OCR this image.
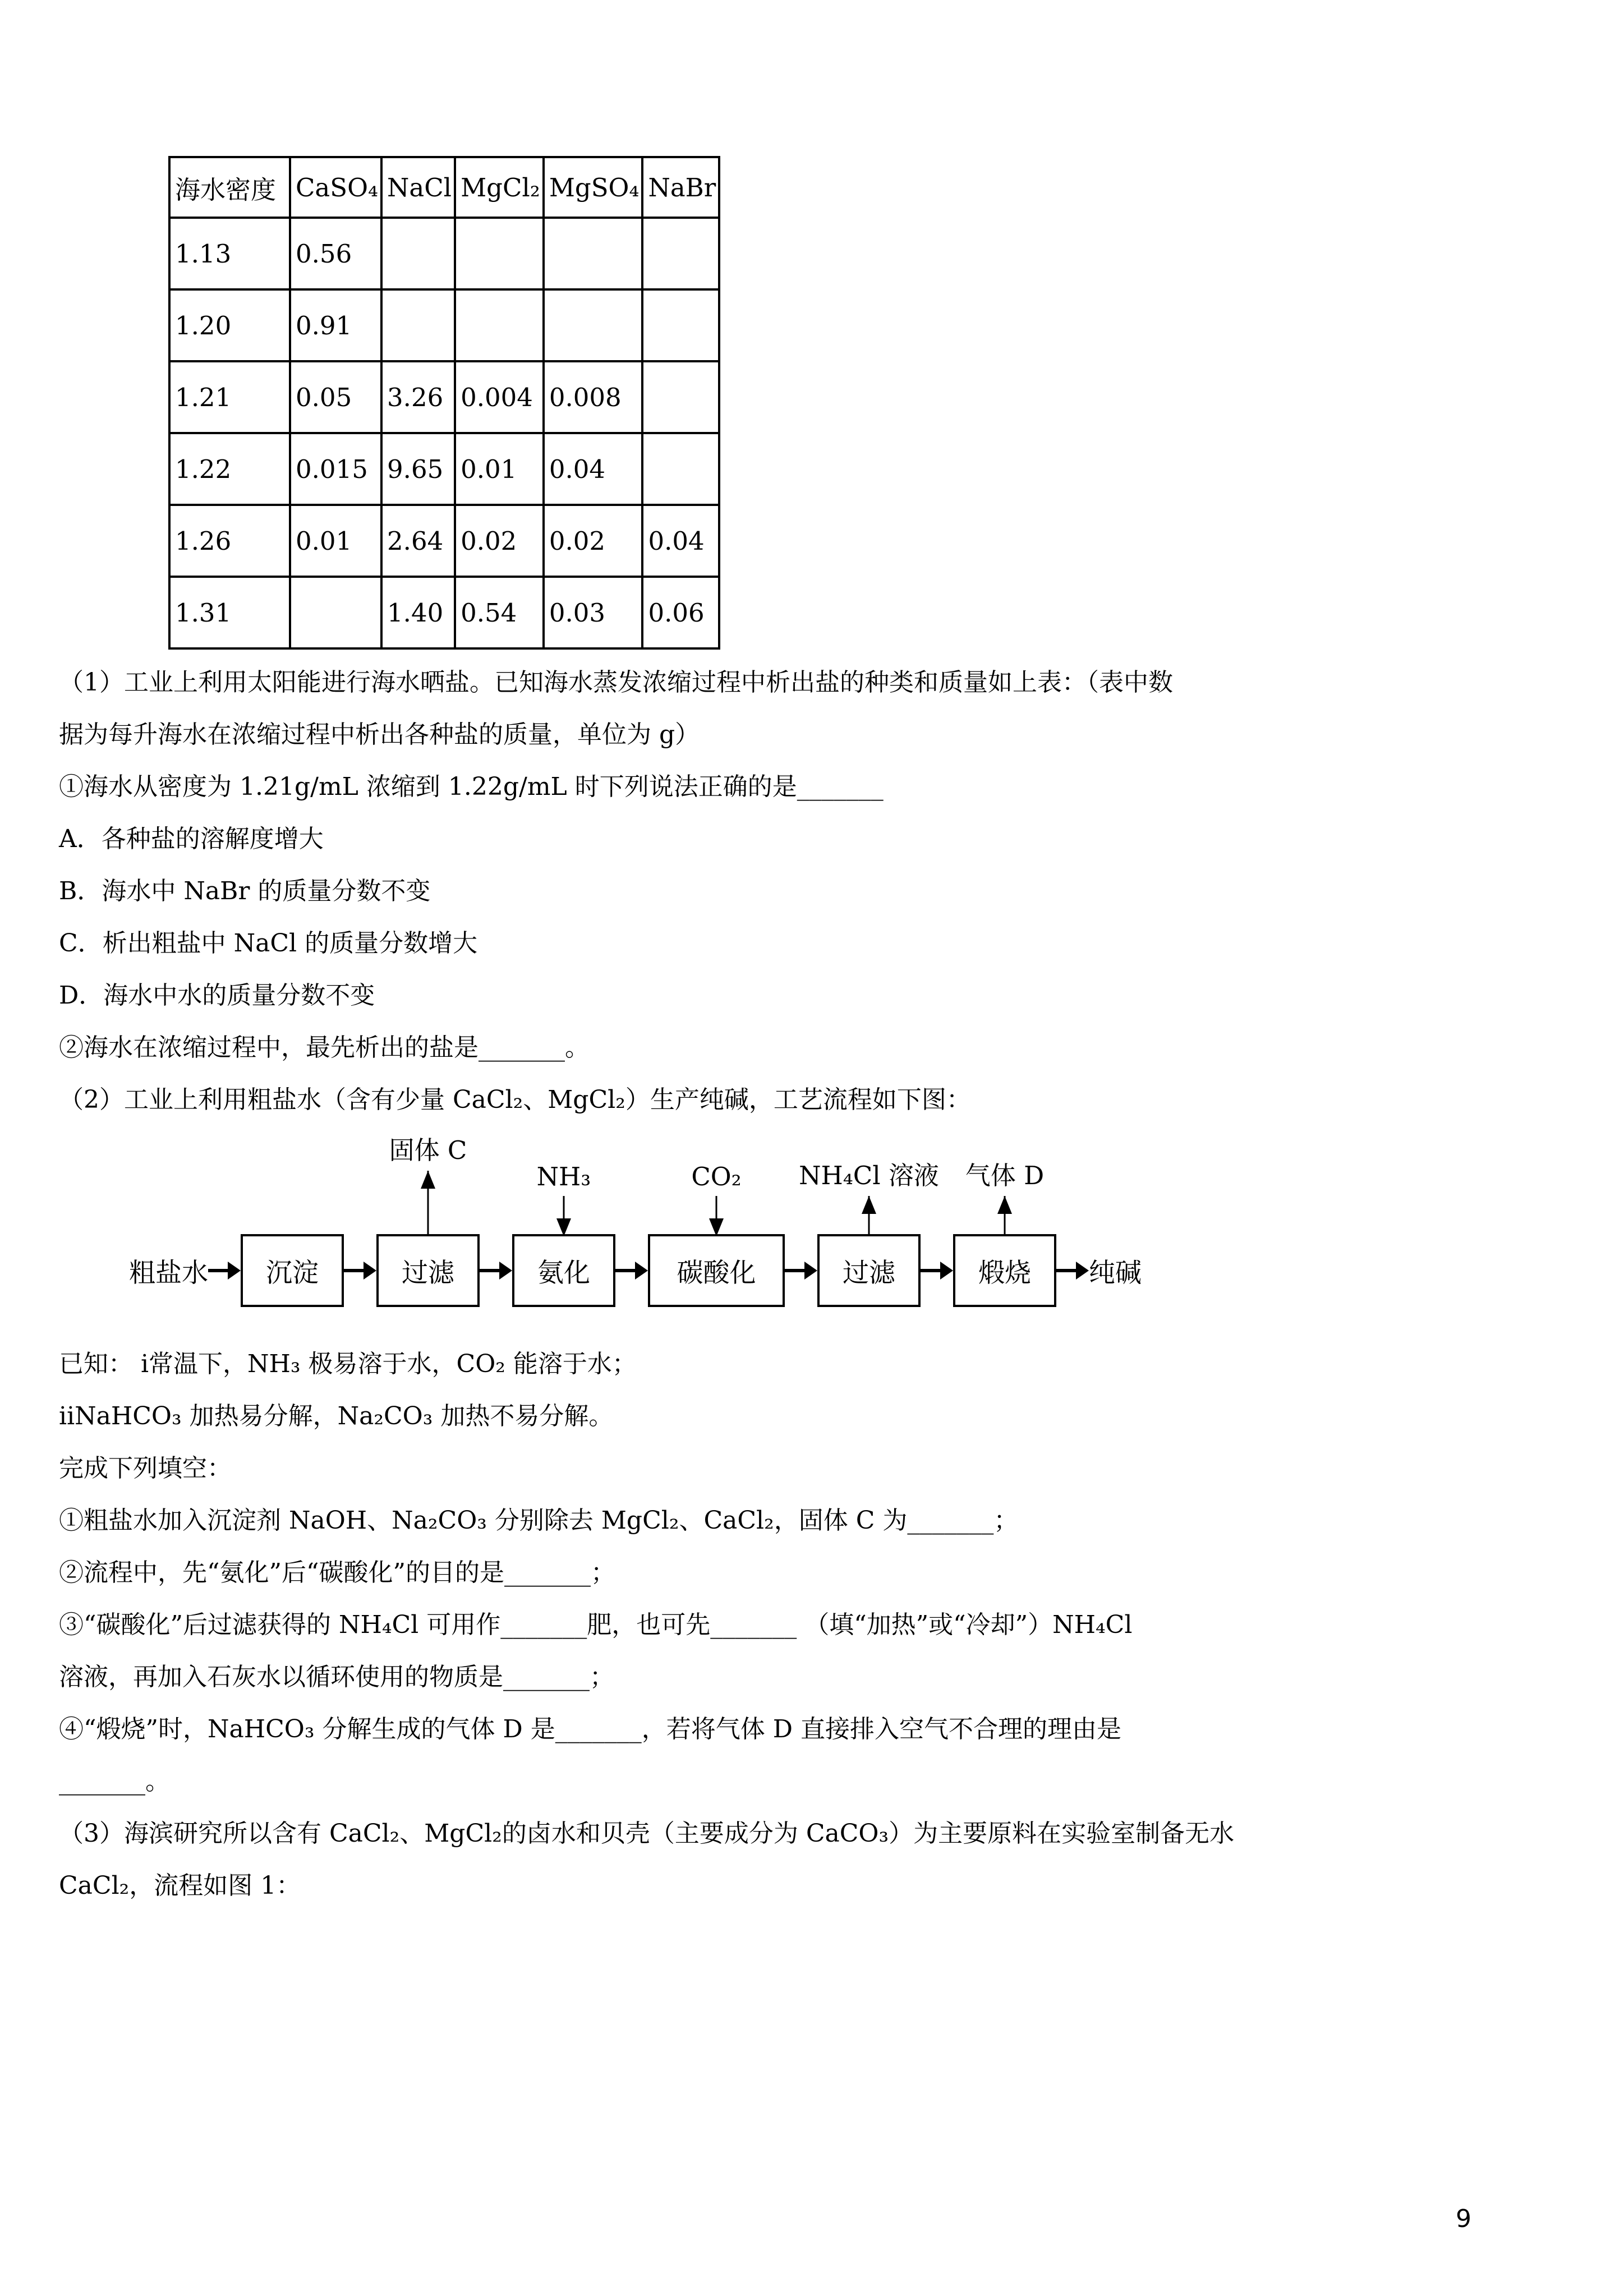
海水密度	CaSO₄	NaCl	MgCl₂	MgSO₄	NaBr
1.13	0.56				
1.20	0.91				
1.21	0.05	3.26	0.004	0.008	
1.22	0.015	9.65	0.01	0.04	
1.26	0.01	2.64	0.02	0.02	0.04
1.31		1.40	0.54	0.03	0.06

（1）工业上利用太阳能进行海水晒盐。已知海水蒸发浓缩过程中析出盐的种类和质量如上表：（表中数

据为每升海水在浓缩过程中析出各种盐的质量，单位为 g）

①海水从密度为 1.21g/mL 浓缩到 1.22g/mL 时下列说法正确的是_______

A．各种盐的溶解度增大

B．海水中 NaBr 的质量分数不变

C．析出粗盐中 NaCl 的质量分数增大

D．海水中水的质量分数不变

②海水在浓缩过程中，最先析出的盐是_______。

（2）工业上利用粗盐水（含有少量 CaCl₂、MgCl₂）生产纯碱，工艺流程如下图：

粗盐水 沉淀	过滤
固体 C
氨化
NH₃
碳酸化
CO₂
过滤
NH₄Cl 溶液
煅烧
气体 D
纯碱

已知： ⅰ常温下，NH₃ 极易溶于水，CO₂ 能溶于水；

ⅱNaHCO₃ 加热易分解，Na₂CO₃ 加热不易分解。

完成下列填空：

①粗盐水加入沉淀剂 NaOH、Na₂CO₃ 分别除去 MgCl₂、CaCl₂，固体 C 为_______；

②流程中，先“氨化”后“碳酸化”的目的是_______；

③“碳酸化”后过滤获得的 NH₄Cl 可用作_______肥，也可先_______ （填“加热”或“冷却”）NH₄Cl

溶液，再加入石灰水以循环使用的物质是_______；

④“煅烧”时，NaHCO₃ 分解生成的气体 D 是_______，若将气体 D 直接排入空气不合理的理由是

_______。

（3）海滨研究所以含有 CaCl₂、MgCl₂的卤水和贝壳（主要成分为 CaCO₃）为主要原料在实验室制备无水

CaCl₂，流程如图 1：

9
